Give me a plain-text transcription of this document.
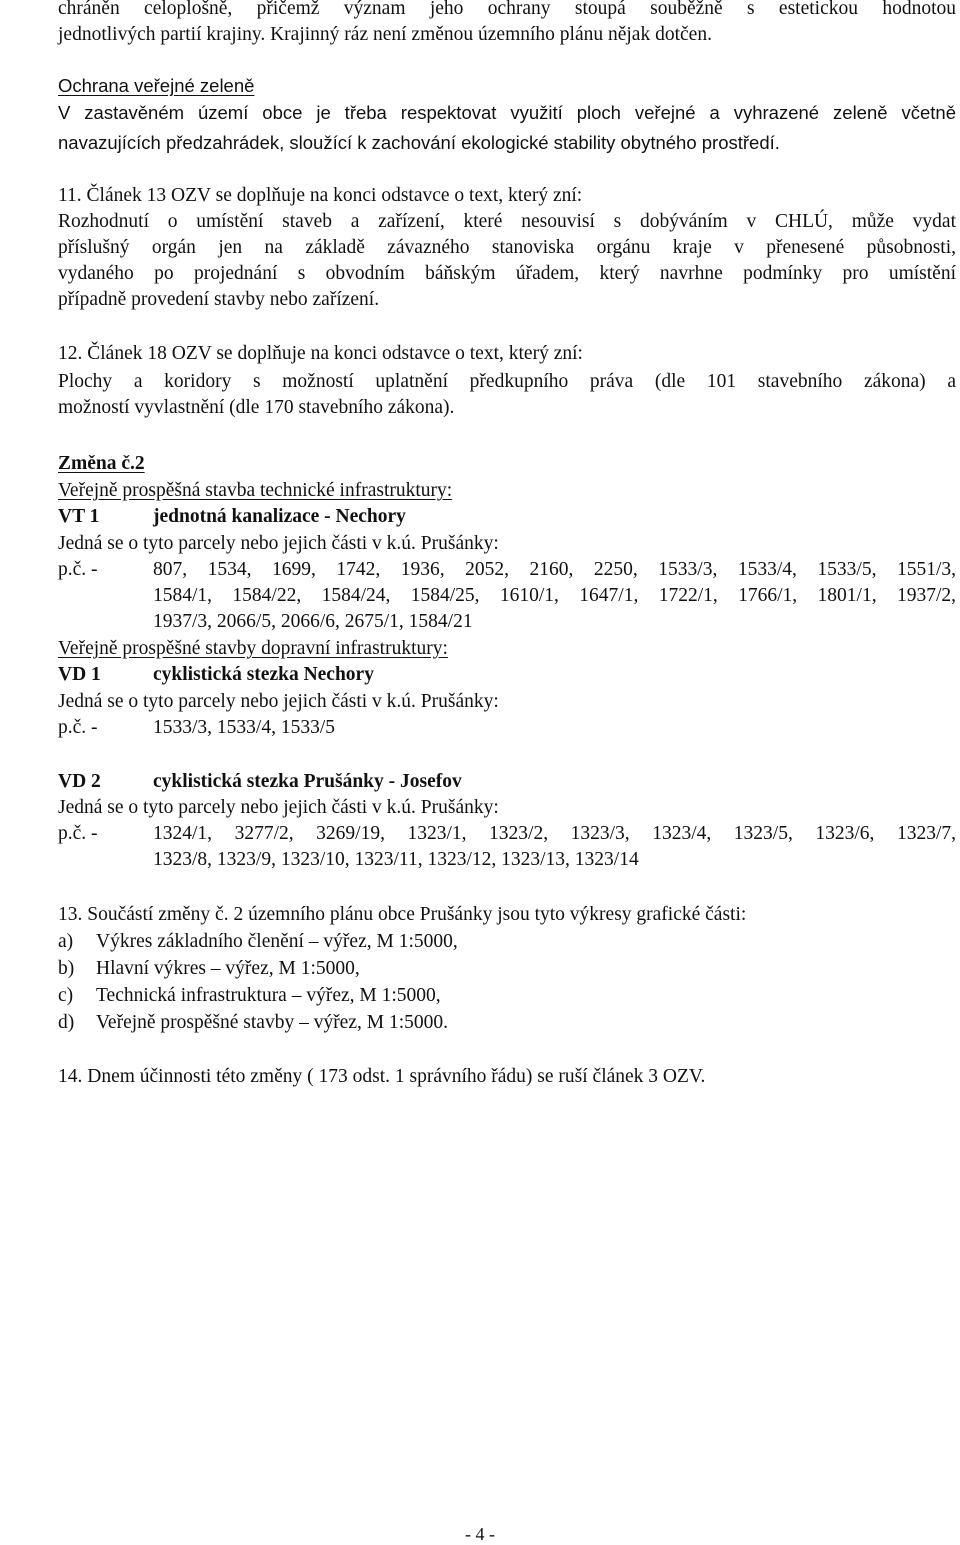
chráněn celoplošně, přičemž význam jeho ochrany stoupá souběžně s estetickou hodnotou
jednotlivých partií krajiny. Krajinný ráz není změnou územního plánu nějak dotčen.
Ochrana veřejné zeleně
V zastavěném území obce je třeba respektovat využití ploch veřejné a vyhrazené zeleně včetně
navazujících předzahrádek, sloužící k zachování ekologické stability obytného prostředí.
11. Článek 13 OZV se doplňuje na konci odstavce o text, který zní:
Rozhodnutí o umístění staveb a zařízení, které nesouvisí s dobýváním v CHLÚ, může vydat
příslušný orgán jen na základě závazného stanoviska orgánu kraje v přenesené působnosti,
vydaného po projednání s obvodním báňským úřadem, který navrhne podmínky pro umístění
případně provedení stavby nebo zařízení.
12. Článek 18 OZV se doplňuje na konci odstavce o text, který zní:
Plochy a koridory s možností uplatnění předkupního práva (dle 101 stavebního zákona) a
možností vyvlastnění (dle 170 stavebního zákona).
Změna č.2
Veřejně prospěšná stavba technické infrastruktury:
VT 1	jednotná kanalizace - Nechory
Jedná se o tyto parcely nebo jejich části v k.ú. Prušánky:
p.č. -	807, 1534, 1699, 1742, 1936, 2052, 2160, 2250, 1533/3, 1533/4, 1533/5, 1551/3,
1584/1, 1584/22, 1584/24, 1584/25, 1610/1, 1647/1, 1722/1, 1766/1, 1801/1, 1937/2,
1937/3, 2066/5, 2066/6, 2675/1, 1584/21
Veřejně prospěšné stavby dopravní infrastruktury:
VD 1	cyklistická stezka Nechory
Jedná se o tyto parcely nebo jejich části v k.ú. Prušánky:
p.č. -	1533/3, 1533/4, 1533/5
VD 2	cyklistická stezka Prušánky - Josefov
Jedná se o tyto parcely nebo jejich části v k.ú. Prušánky:
p.č. -	1324/1, 3277/2, 3269/19, 1323/1, 1323/2, 1323/3, 1323/4, 1323/5, 1323/6, 1323/7,
1323/8, 1323/9, 1323/10, 1323/11, 1323/12, 1323/13, 1323/14
13. Součástí změny č. 2 územního plánu obce Prušánky jsou tyto výkresy grafické části:
a) Výkres základního členění – výřez, M 1:5000,
b) Hlavní výkres – výřez, M 1:5000,
c) Technická infrastruktura – výřez, M 1:5000,
d) Veřejně prospěšné stavby – výřez, M 1:5000.
14. Dnem účinnosti této změny ( 173 odst. 1 správního řádu) se ruší článek 3 OZV.
- 4 -
